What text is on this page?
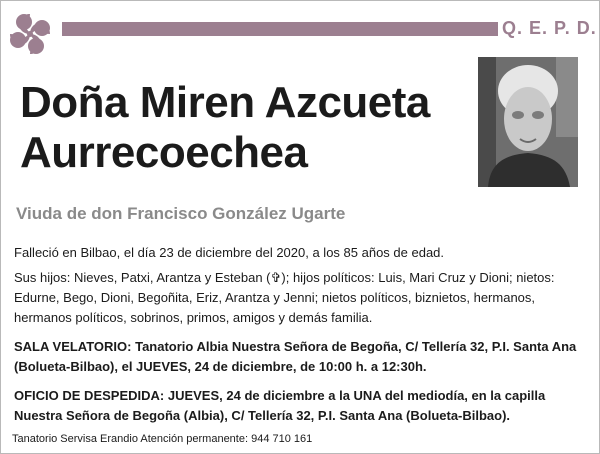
Q. E. P. D.
Doña Miren Azcueta Aurrecoechea
Viuda de don Francisco González Ugarte
Falleció en Bilbao, el día 23 de diciembre del 2020, a los 85 años de edad.
Sus hijos: Nieves, Patxi, Arantza y Esteban (✞); hijos políticos: Luis, Mari Cruz y Dioni; nietos: Edurne, Bego, Dioni, Begoñita, Eriz, Arantza y Jenni; nietos políticos, biznietos, hermanos, hermanos políticos, sobrinos, primos, amigos y demás familia.
SALA VELATORIO: Tanatorio Albia Nuestra Señora de Begoña, C/ Tellería 32, P.I. Santa Ana (Bolueta-Bilbao), el JUEVES, 24 de diciembre, de 10:00 h. a 12:30h.
OFICIO DE DESPEDIDA: JUEVES, 24 de diciembre a la UNA del mediodía, en la capilla Nuestra Señora de Begoña (Albia), C/ Tellería 32, P.I. Santa Ana (Bolueta-Bilbao).
Tanatorio Servisa Erandio Atención permanente: 944 710 161
